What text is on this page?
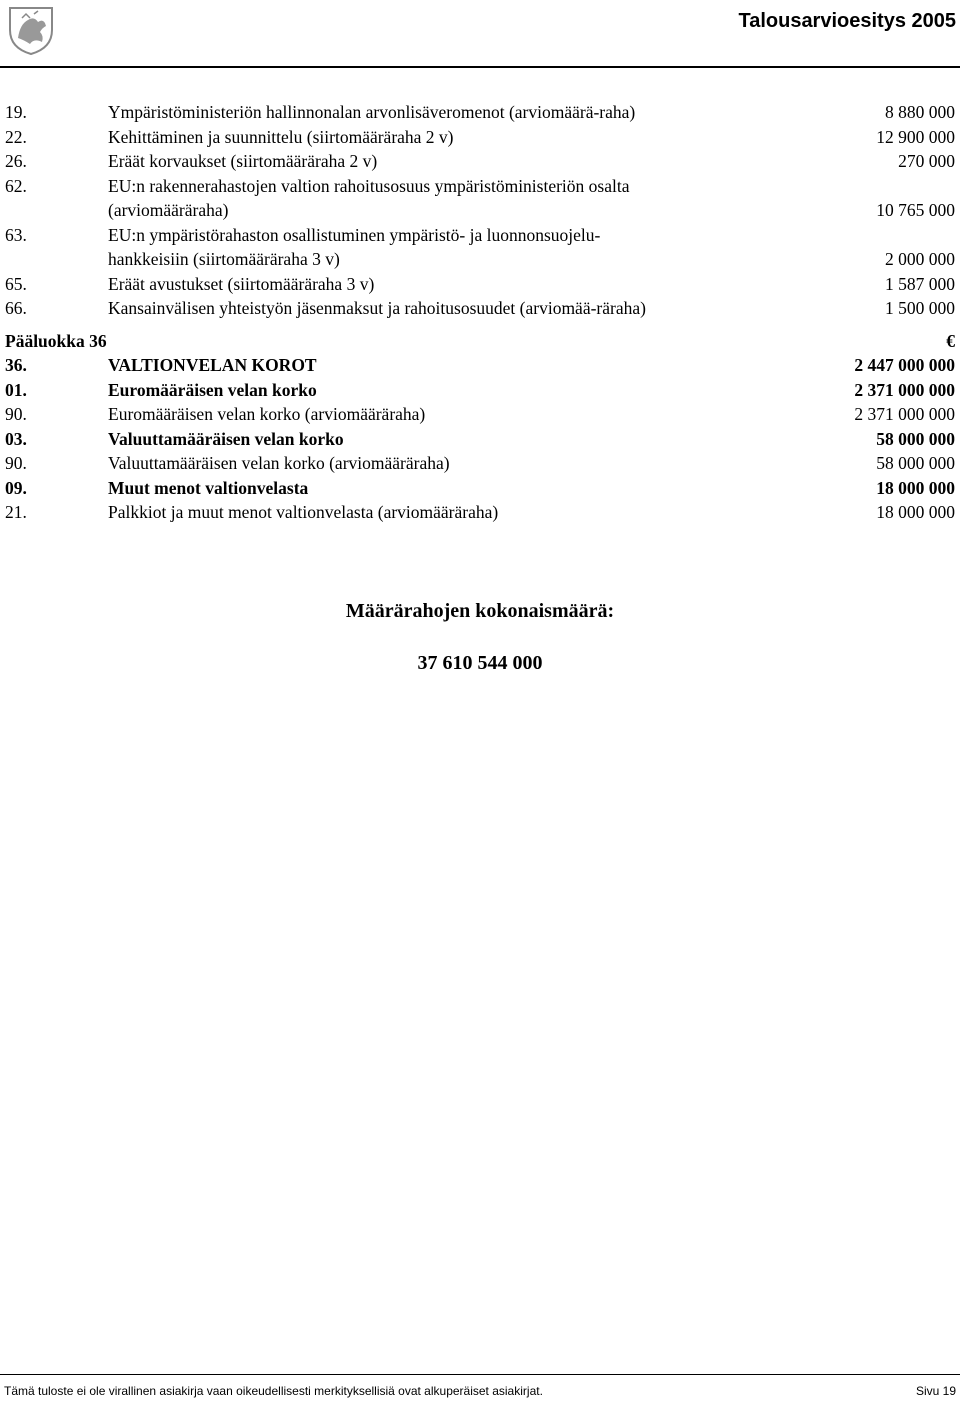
Talousarvioesitys 2005
19.	Ympäristöministeriön hallinnonalan arvonlisäveromenot (arviomäärä-raha)	8 880 000
22.	Kehittäminen ja suunnittelu (siirtomääräraha 2 v)	12 900 000
26.	Eräät korvaukset (siirtomääräraha 2 v)	270 000
62.	EU:n rakennerahastojen valtion rahoitusosuus ympäristöministeriön osalta (arviomääräraha)	10 765 000
63.	EU:n ympäristörahaston osallistuminen ympäristö- ja luonnonsuojelu-hankkeisiin (siirtomääräraha 3 v)	2 000 000
65.	Eräät avustukset (siirtomääräraha 3 v)	1 587 000
66.	Kansainvälisen yhteistyön jäsenmaksut ja rahoitusosuudet (arviomää-räraha)	1 500 000
Pääluokka 36	€
36.	VALTIONVELAN KOROT	2 447 000 000
01.	Euromääräisen velan korko	2 371 000 000
90.	Euromääräisen velan korko (arviomääräraha)	2 371 000 000
03.	Valuuttamääräisen velan korko	58 000 000
90.	Valuuttamääräisen velan korko (arviomääräraha)	58 000 000
09.	Muut menot valtionvelasta	18 000 000
21.	Palkkiot ja muut menot valtionvelasta (arviomääräraha)	18 000 000
Määrärahojen kokonaismäärä:
37 610 544 000
Tämä tuloste ei ole virallinen asiakirja vaan oikeudellisesti merkityksellisiä ovat alkuperäiset asiakirjat.	Sivu 19
